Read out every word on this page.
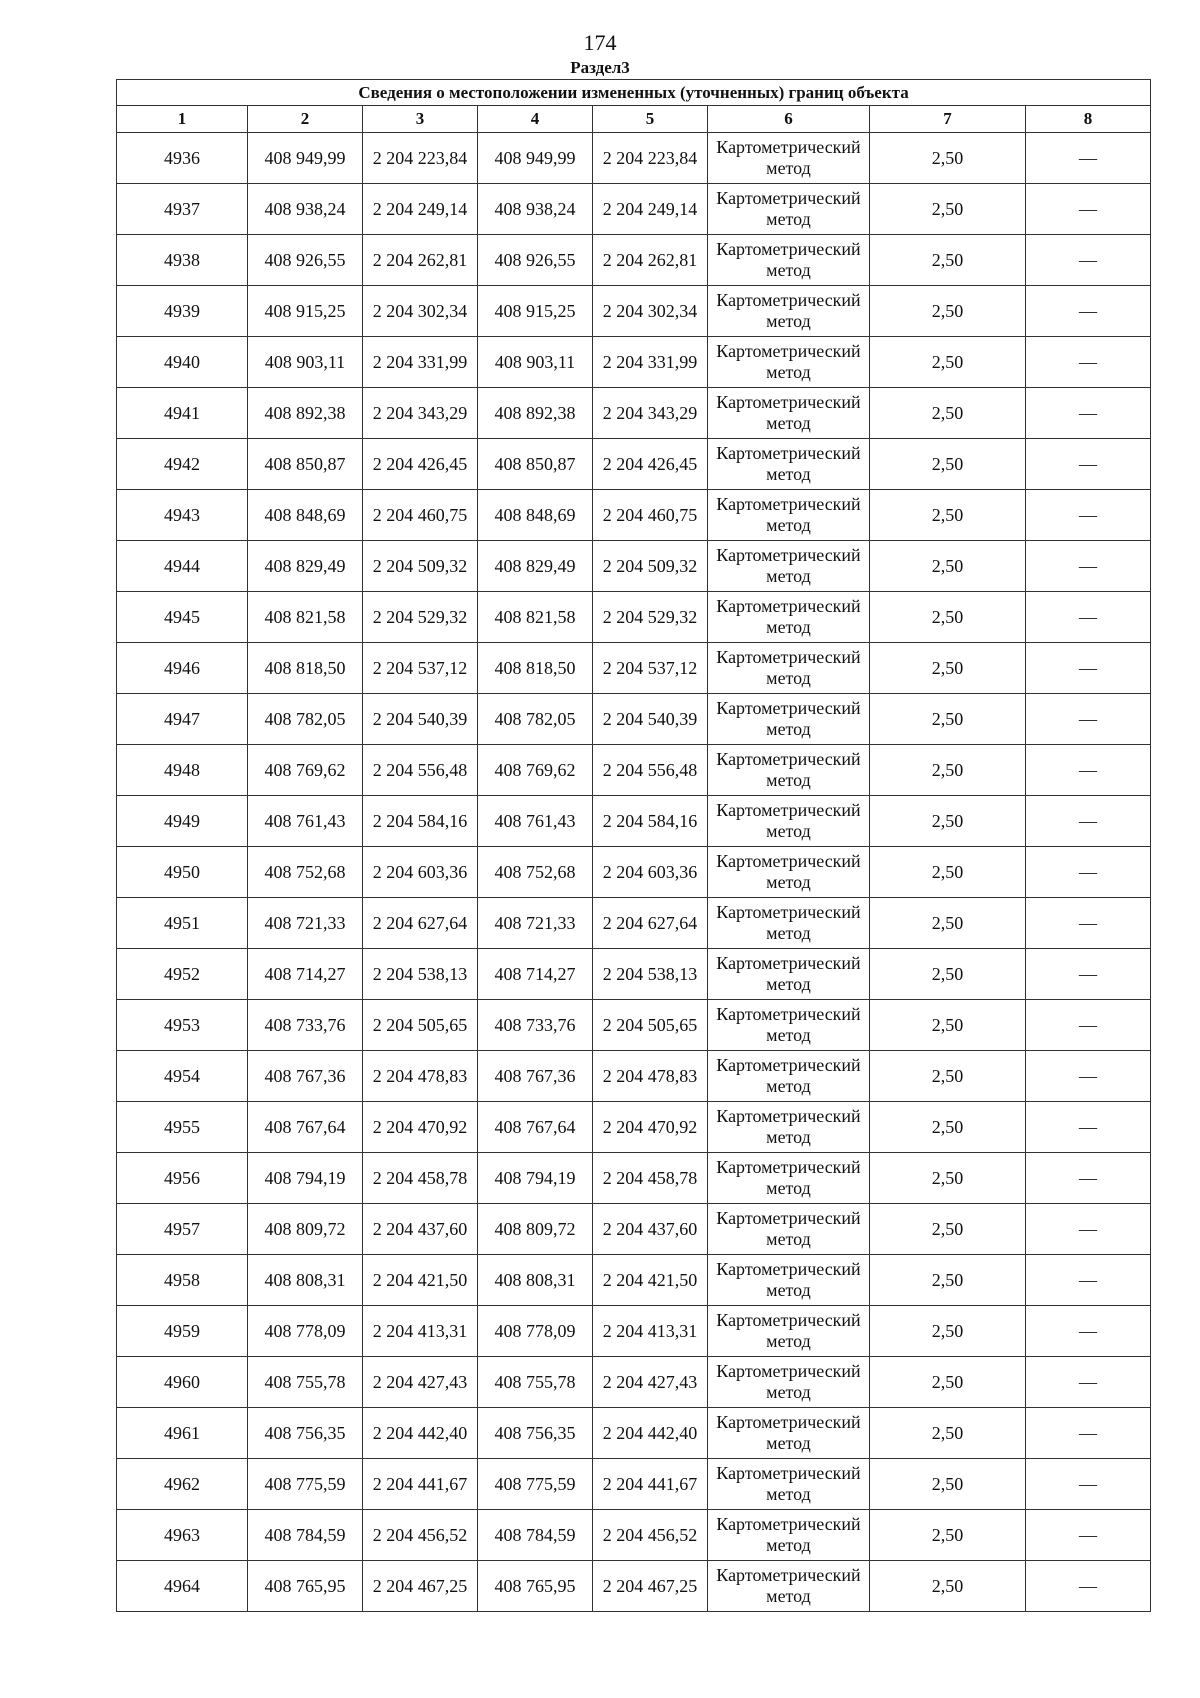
174
Раздел3
Сведения о местоположении измененных (уточненных) границ объекта							
1	2	3	4	5	6	7	8
4936	408 949,99	2 204 223,84	408 949,99	2 204 223,84	Картометрический метод	2,50	—
4937	408 938,24	2 204 249,14	408 938,24	2 204 249,14	Картометрический метод	2,50	—
4938	408 926,55	2 204 262,81	408 926,55	2 204 262,81	Картометрический метод	2,50	—
4939	408 915,25	2 204 302,34	408 915,25	2 204 302,34	Картометрический метод	2,50	—
4940	408 903,11	2 204 331,99	408 903,11	2 204 331,99	Картометрический метод	2,50	—
4941	408 892,38	2 204 343,29	408 892,38	2 204 343,29	Картометрический метод	2,50	—
4942	408 850,87	2 204 426,45	408 850,87	2 204 426,45	Картометрический метод	2,50	—
4943	408 848,69	2 204 460,75	408 848,69	2 204 460,75	Картометрический метод	2,50	—
4944	408 829,49	2 204 509,32	408 829,49	2 204 509,32	Картометрический метод	2,50	—
4945	408 821,58	2 204 529,32	408 821,58	2 204 529,32	Картометрический метод	2,50	—
4946	408 818,50	2 204 537,12	408 818,50	2 204 537,12	Картометрический метод	2,50	—
4947	408 782,05	2 204 540,39	408 782,05	2 204 540,39	Картометрический метод	2,50	—
4948	408 769,62	2 204 556,48	408 769,62	2 204 556,48	Картометрический метод	2,50	—
4949	408 761,43	2 204 584,16	408 761,43	2 204 584,16	Картометрический метод	2,50	—
4950	408 752,68	2 204 603,36	408 752,68	2 204 603,36	Картометрический метод	2,50	—
4951	408 721,33	2 204 627,64	408 721,33	2 204 627,64	Картометрический метод	2,50	—
4952	408 714,27	2 204 538,13	408 714,27	2 204 538,13	Картометрический метод	2,50	—
4953	408 733,76	2 204 505,65	408 733,76	2 204 505,65	Картометрический метод	2,50	—
4954	408 767,36	2 204 478,83	408 767,36	2 204 478,83	Картометрический метод	2,50	—
4955	408 767,64	2 204 470,92	408 767,64	2 204 470,92	Картометрический метод	2,50	—
4956	408 794,19	2 204 458,78	408 794,19	2 204 458,78	Картометрический метод	2,50	—
4957	408 809,72	2 204 437,60	408 809,72	2 204 437,60	Картометрический метод	2,50	—
4958	408 808,31	2 204 421,50	408 808,31	2 204 421,50	Картометрический метод	2,50	—
4959	408 778,09	2 204 413,31	408 778,09	2 204 413,31	Картометрический метод	2,50	—
4960	408 755,78	2 204 427,43	408 755,78	2 204 427,43	Картометрический метод	2,50	—
4961	408 756,35	2 204 442,40	408 756,35	2 204 442,40	Картометрический метод	2,50	—
4962	408 775,59	2 204 441,67	408 775,59	2 204 441,67	Картометрический метод	2,50	—
4963	408 784,59	2 204 456,52	408 784,59	2 204 456,52	Картометрический метод	2,50	—
4964	408 765,95	2 204 467,25	408 765,95	2 204 467,25	Картометрический метод	2,50	—
